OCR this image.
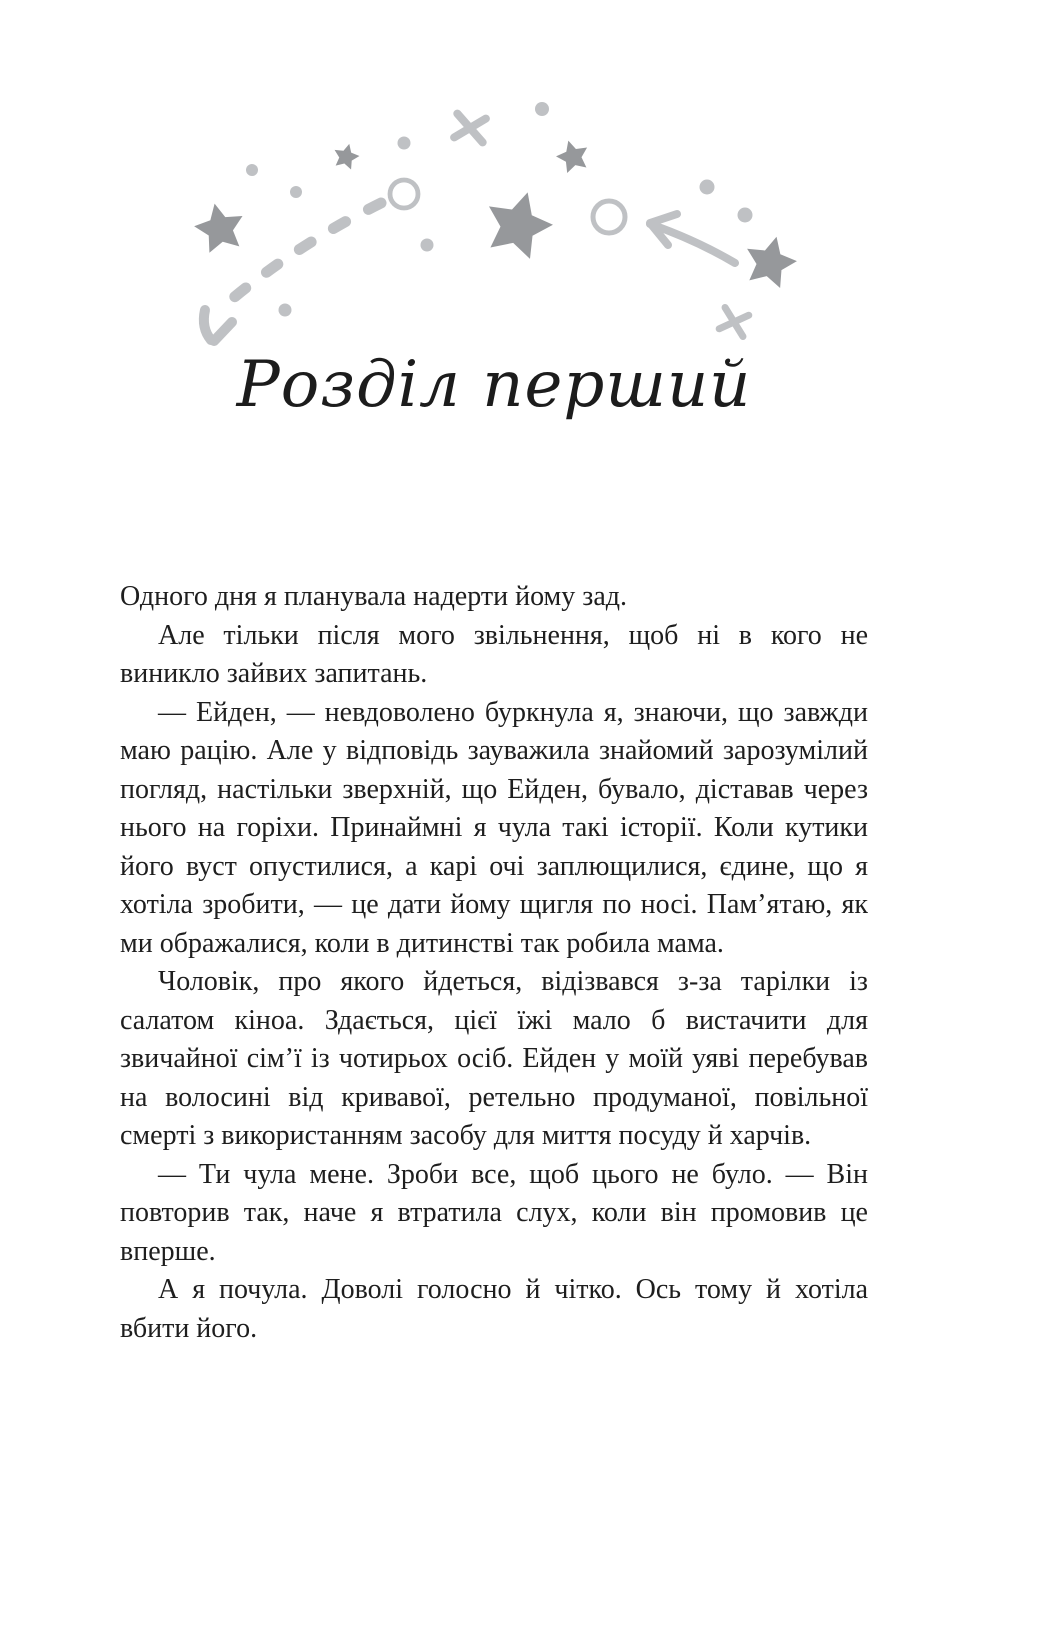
Розділ перший

Одного дня я планувала надерти йому зад.

Але тільки після мого звільнення, щоб ні в кого не виникло зайвих запитань.

— Ейден, — невдоволено буркнула я, знаючи, що завжди маю рацію. Але у відповідь зауважила знайомий зарозумілий погляд, настільки зверхній, що Ейден, бувало, діставав через нього на горіхи. Принаймні я чула такі історії. Коли кутики його вуст опустилися, а карі очі заплющилися, єдине, що я хотіла зробити, — це дати йому щигля по носі. Пам’ятаю, як ми ображалися, коли в дитинстві так робила мама.

Чоловік, про якого йдеться, відізвався з-за тарілки із салатом кіноа. Здається, цієї їжі мало б вистачити для звичайної сім’ї із чотирьох осіб. Ейден у моїй уяві перебував на волосині від кривавої, ретельно продуманої, повільної смерті з використанням засобу для миття посуду й харчів.

— Ти чула мене. Зроби все, щоб цього не було. — Він повторив так, наче я втратила слух, коли він промовив це вперше.

А я почула. Доволі голосно й чітко. Ось тому й хотіла вбити його.
